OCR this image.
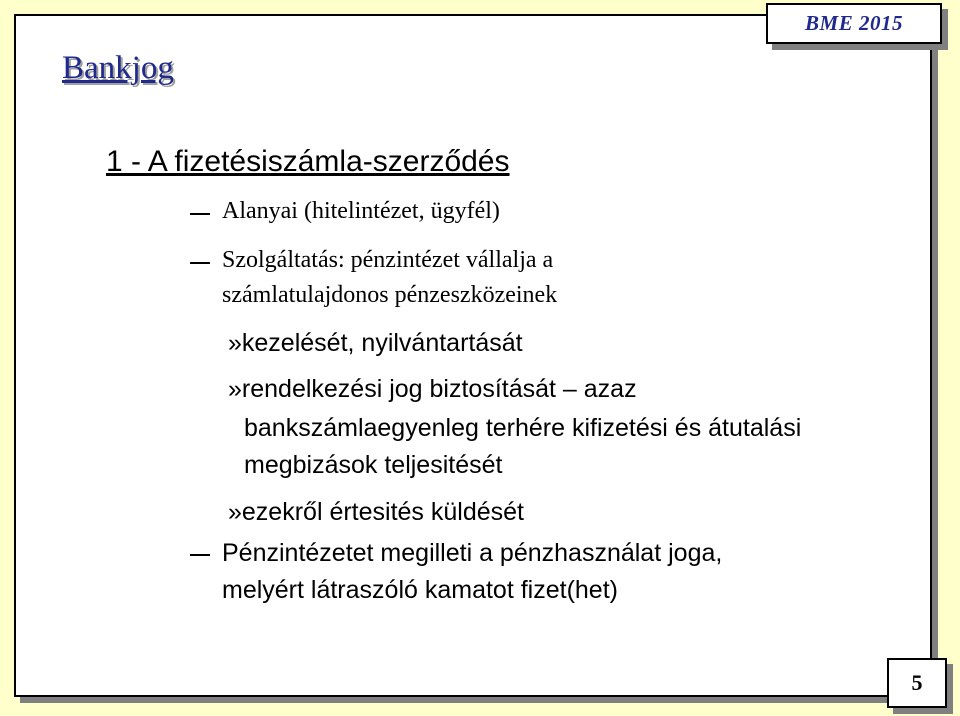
BME 2015
Bankjog
1 - A fizetésiszámla-szerződés
Alanyai (hitelintézet, ügyfél)
Szolgáltatás: pénzintézet vállalja a
számlatulajdonos pénzeszközeinek
»kezelését, nyilvántartását
»rendelkezési jog biztosítását – azaz
bankszámlaegyenleg terhére kifizetési és átutalási
megbizások teljesitését
»ezekről értesités küldését
Pénzintézetet megilleti a pénzhasználat joga,
melyért látraszóló kamatot fizet(het)
5
